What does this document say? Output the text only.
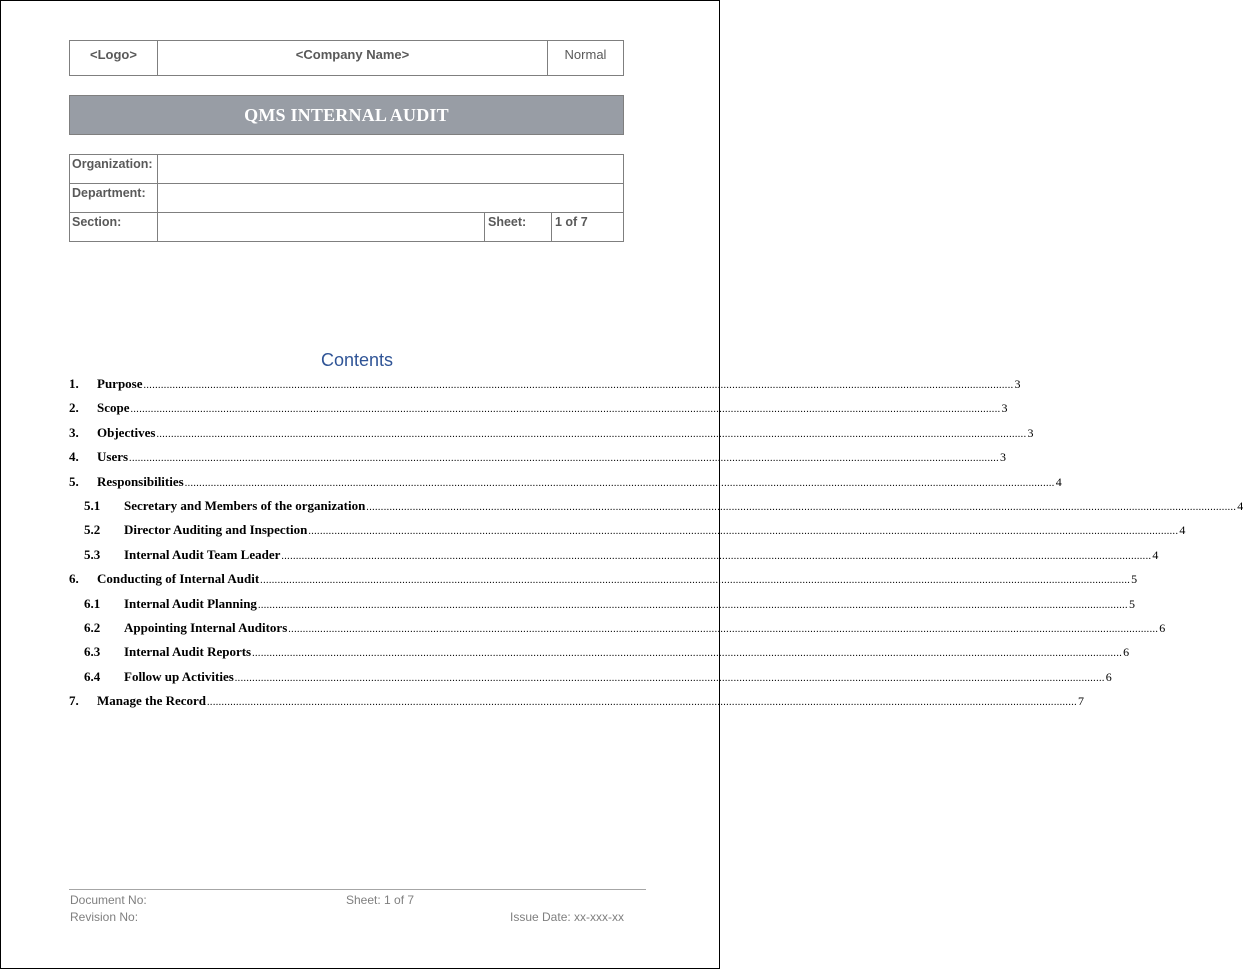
<Logo>	<Company Name>	Normal
QMS INTERNAL AUDIT
Organization:
Department:
Section:	Sheet:	1 of 7
Contents
1.	Purpose ............................................................................................................................................................................................................................................................................................................ 3
2.	Scope ............................................................................................................................................................................................................................................................................................................ 3
3.	Objectives ............................................................................................................................................................................................................................................................................................................ 3
4.	Users ............................................................................................................................................................................................................................................................................................................ 3
5.	Responsibilities ............................................................................................................................................................................................................................................................................................................ 4
5.1	Secretary and Members of the organization ............................................................................................................................................................................................................................................................................................................ 4
5.2	Director Auditing and Inspection ............................................................................................................................................................................................................................................................................................................ 4
5.3	Internal Audit Team Leader ............................................................................................................................................................................................................................................................................................................ 4
6.	Conducting of Internal Audit ............................................................................................................................................................................................................................................................................................................ 5
6.1	Internal Audit Planning ............................................................................................................................................................................................................................................................................................................ 5
6.2	Appointing Internal Auditors ............................................................................................................................................................................................................................................................................................................ 6
6.3	Internal Audit Reports ............................................................................................................................................................................................................................................................................................................ 6
6.4	Follow up Activities ............................................................................................................................................................................................................................................................................................................ 6
7.	Manage the Record ............................................................................................................................................................................................................................................................................................................ 7
Document No:
Revision No:
Sheet: 1 of 7
Issue Date: xx-xxx-xx
